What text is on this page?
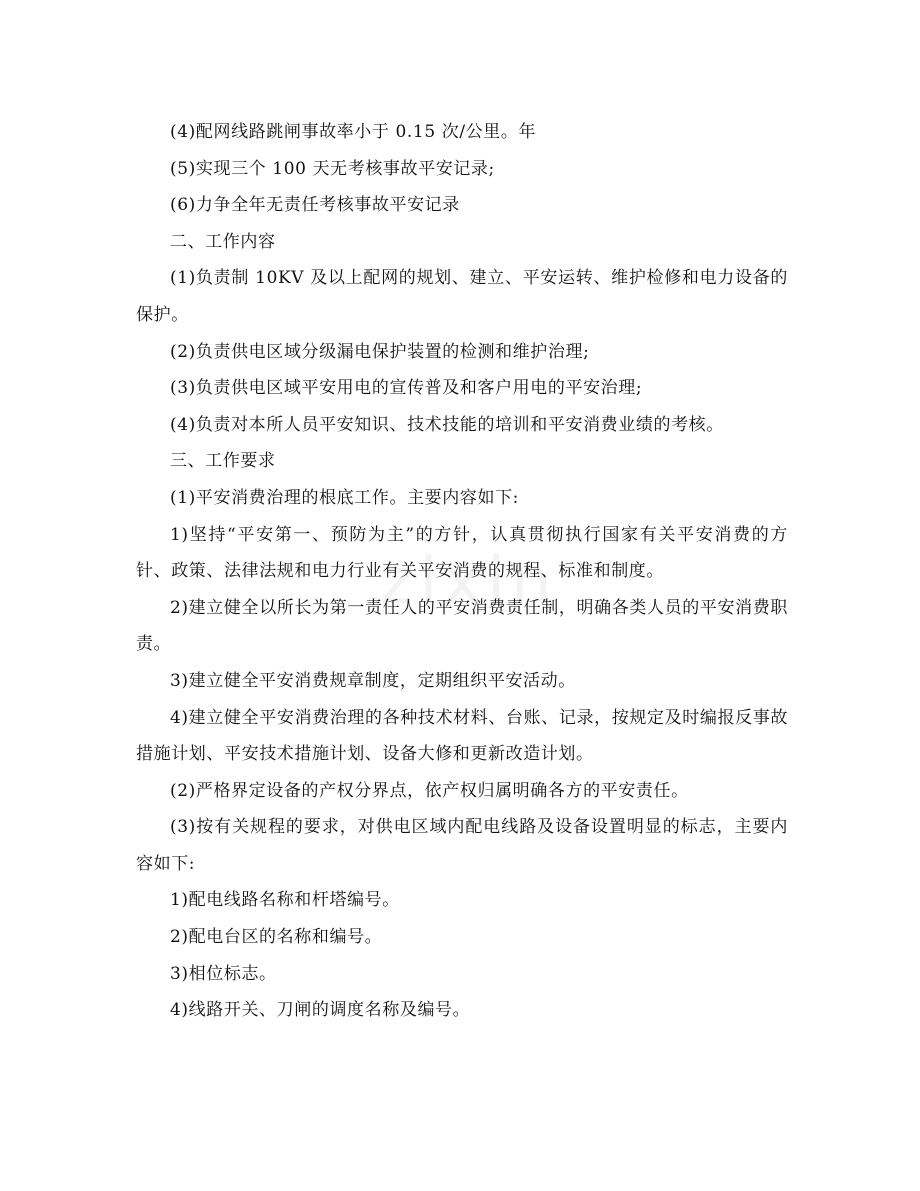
(4)配网线路跳闸事故率小于 0.15 次/公里。年

(5)实现三个 100 天无考核事故平安记录;

(6)力争全年无责任考核事故平安记录

二、工作内容

(1)负责制 10KV 及以上配网的规划、建立、平安运转、维护检修和电力设备的保护。

(2)负责供电区域分级漏电保护装置的检测和维护治理;

(3)负责供电区域平安用电的宣传普及和客户用电的平安治理;

(4)负责对本所人员平安知识、技术技能的培训和平安消费业绩的考核。

三、工作要求

(1)平安消费治理的根底工作。主要内容如下:

1)坚持“平安第一、预防为主”的方针，认真贯彻执行国家有关平安消费的方针、政策、法律法规和电力行业有关平安消费的规程、标准和制度。

2)建立健全以所长为第一责任人的平安消费责任制，明确各类人员的平安消费职责。

3)建立健全平安消费规章制度，定期组织平安活动。

4)建立健全平安消费治理的各种技术材料、台账、记录，按规定及时编报反事故措施计划、平安技术措施计划、设备大修和更新改造计划。

(2)严格界定设备的产权分界点，依产权归属明确各方的平安责任。

(3)按有关规程的要求，对供电区域内配电线路及设备设置明显的标志，主要内容如下:

1)配电线路名称和杆塔编号。

2)配电台区的名称和编号。

3)相位标志。

4)线路开关、刀闸的调度名称及编号。
